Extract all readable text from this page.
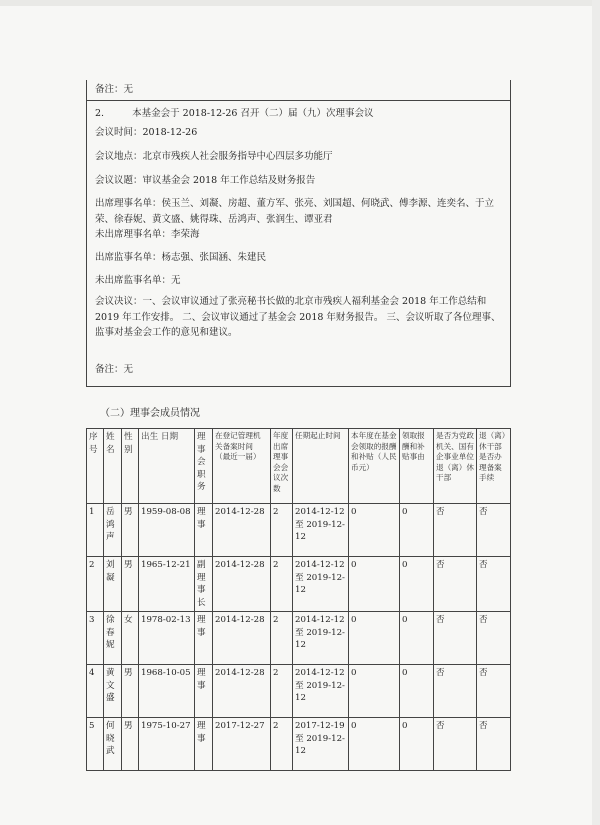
备注：无
2.	本基金会于 2018-12-26 召开（二）届（九）次理事会议
会议时间：2018-12-26
会议地点：北京市残疾人社会服务指导中心四层多功能厅
会议议题：审议基金会 2018 年工作总结及财务报告
出席理事名单：侯玉兰、刘凝、房超、董方军、张亮、刘国超、何晓武、傅李源、连奕名、于立荣、徐春妮、黄文盛、姚得珠、岳鸿声、张润生、谭亚君
未出席理事名单：李荣海
出席监事名单：杨志强、张国涵、朱建民
未出席监事名单：无
会议决议：一、会议审议通过了张亮秘书长做的北京市残疾人福利基金会 2018 年工作总结和 2019 年工作安排。 二、会议审议通过了基金会 2018 年财务报告。 三、会议听取了各位理事、监事对基金会工作的意见和建议。
备注：无
（二）理事会成员情况
序号	姓名	性别	出生 日期	理事会职务	在登记管理机关备案时间（最近一届）	年度出席理事会会议次数	任期起止时间	本年度在基金会领取的报酬和补贴（人民币元）	领取报酬和补贴事由	是否为党政机关、国有企事业单位退（离）休干部	退（离）休干部是否办理备案手续
1	岳鸿声	男	1959-08-08	理事	2014-12-28	2	2014-12-12 至 2019-12-12	0	0	否	否
2	刘凝	男	1965-12-21	副理事长	2014-12-28	2	2014-12-12 至 2019-12-12	0	0	否	否
3	徐春妮	女	1978-02-13	理事	2014-12-28	2	2014-12-12 至 2019-12-12	0	0	否	否
4	黄文盛	男	1968-10-05	理事	2014-12-28	2	2014-12-12 至 2019-12-12	0	0	否	否
5	何晓武	男	1975-10-27	理事	2017-12-27	2	2017-12-19 至 2019-12-12	0	0	否	否
